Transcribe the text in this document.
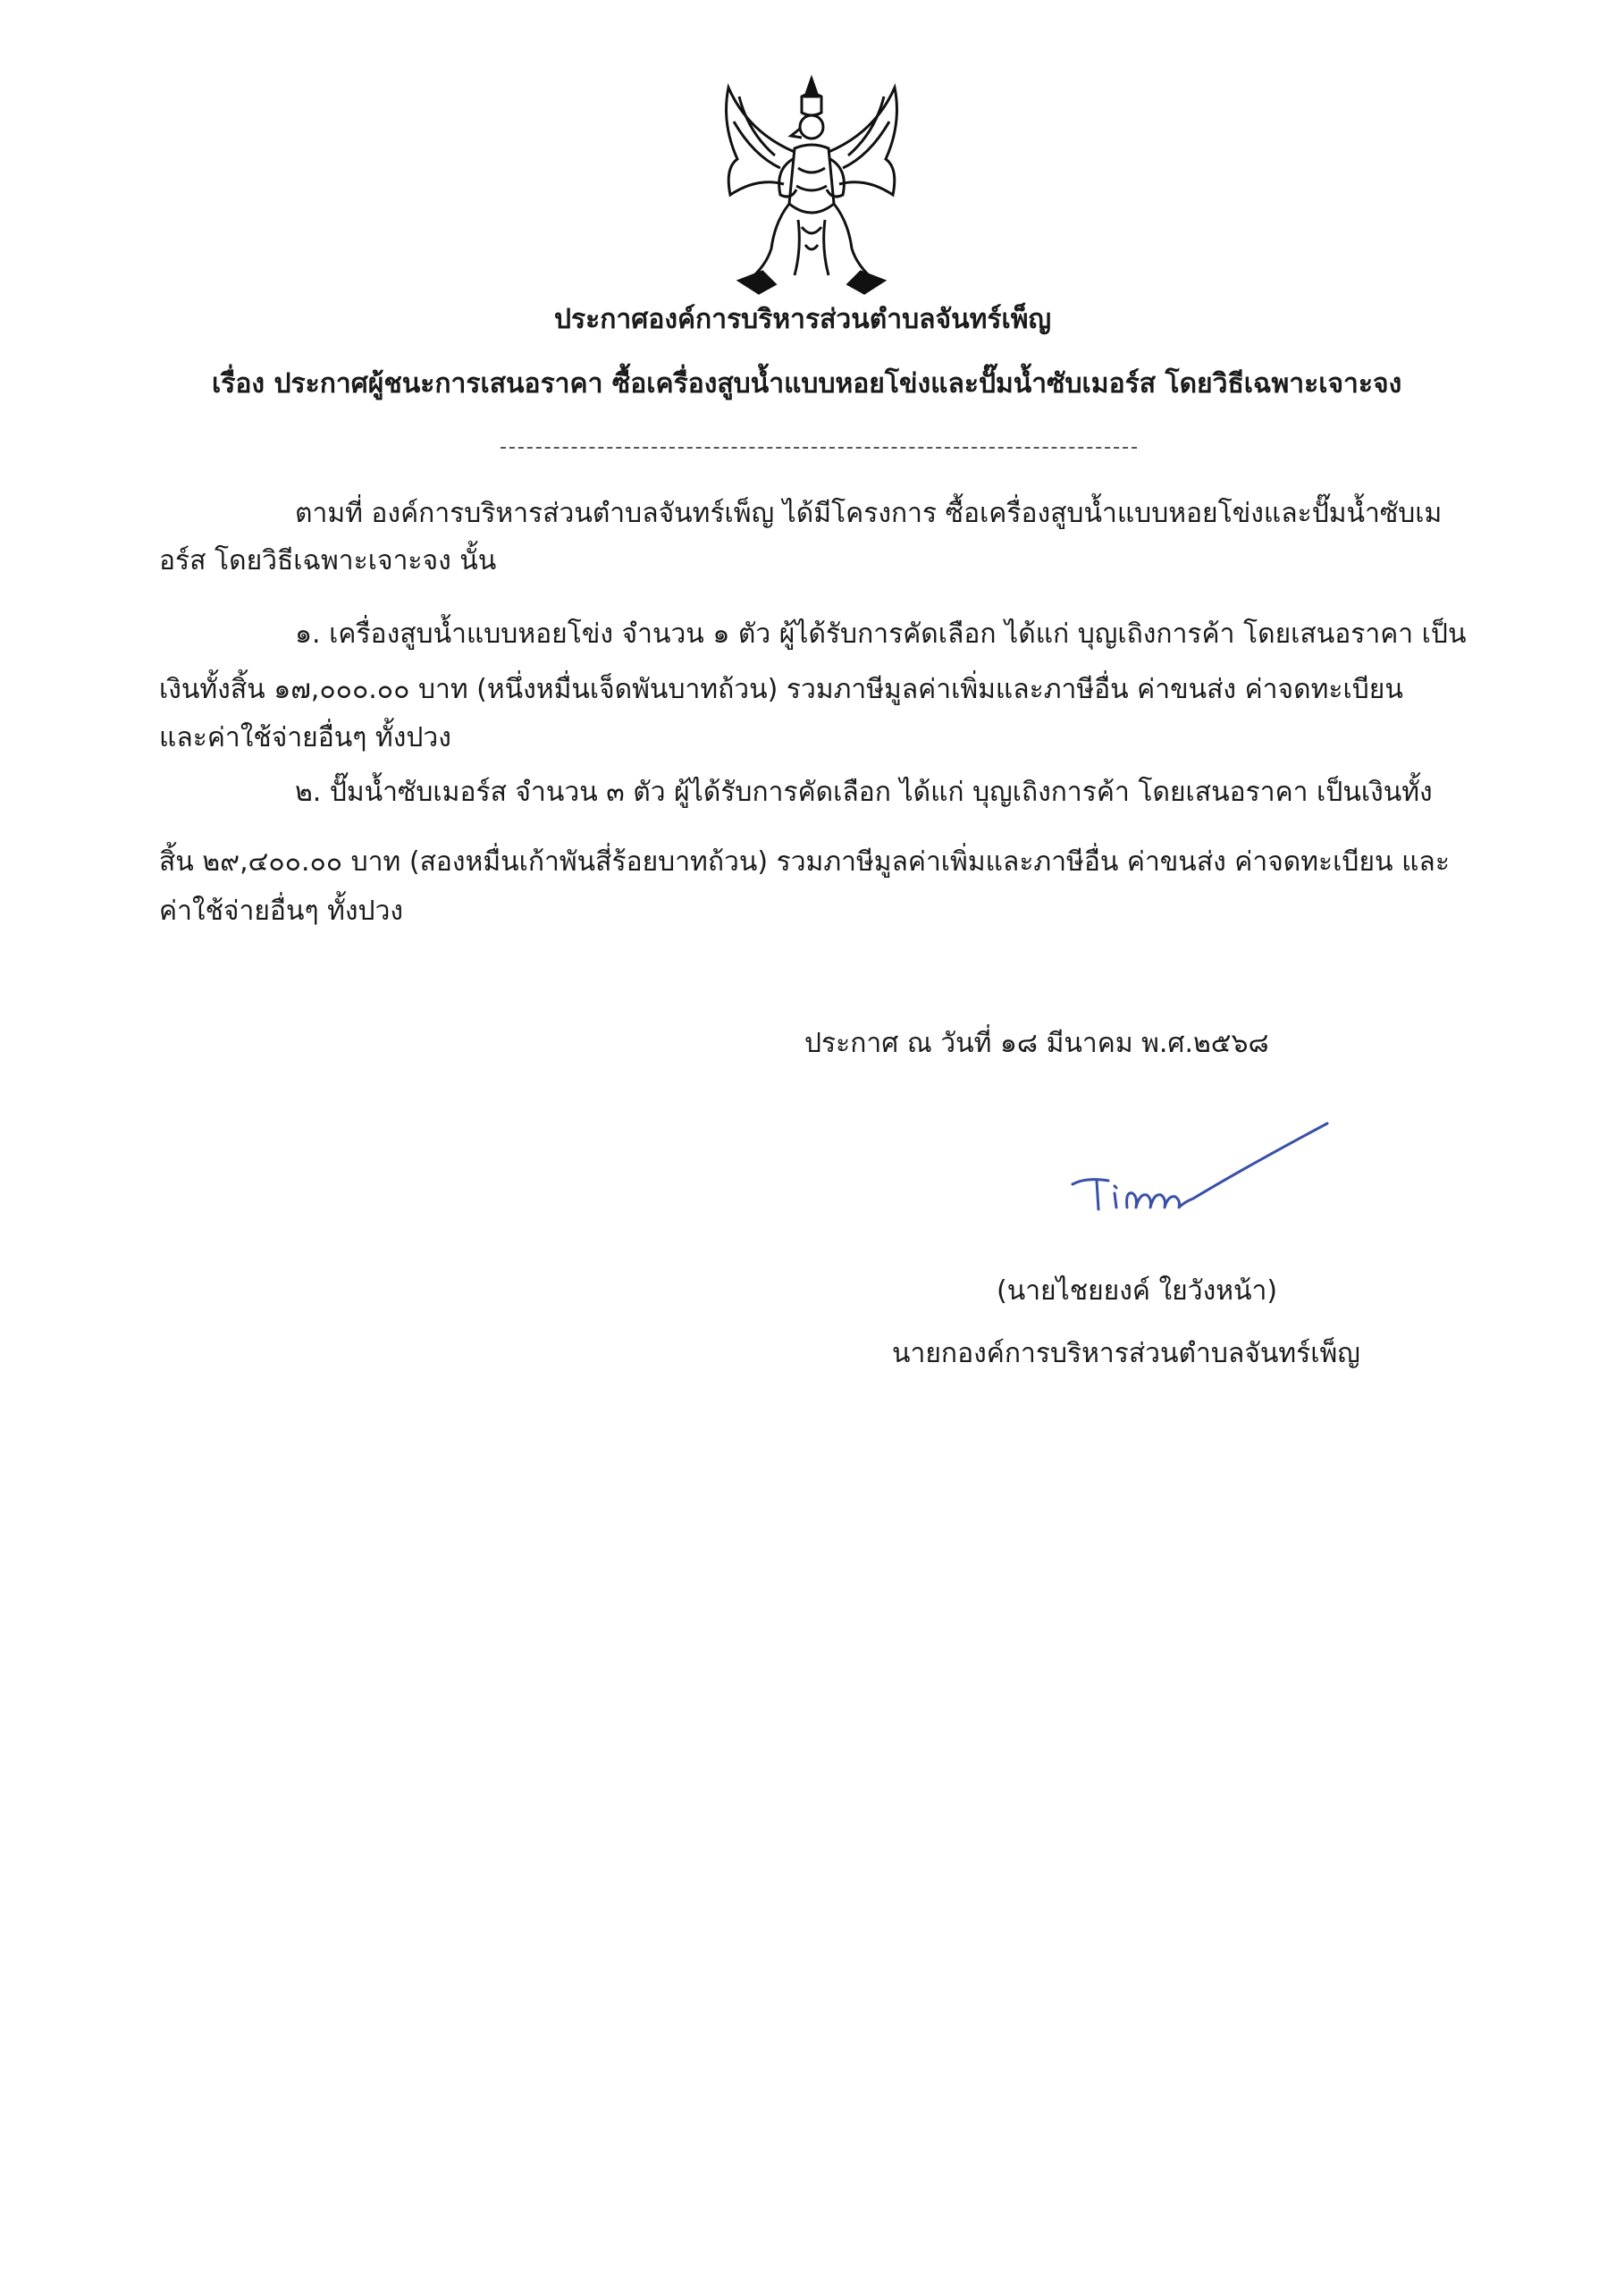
ประกาศองค์การบริหารส่วนตำบลจันทร์เพ็ญ
เรื่อง ประกาศผู้ชนะการเสนอราคา ซื้อเครื่องสูบน้ำแบบหอยโข่งและปั๊มน้ำซับเมอร์ส โดยวิธีเฉพาะเจาะจง
ตามที่ องค์การบริหารส่วนตำบลจันทร์เพ็ญ ได้มีโครงการ ซื้อเครื่องสูบน้ำแบบหอยโข่งและปั๊มน้ำซับเม
อร์ส โดยวิธีเฉพาะเจาะจง นั้น
๑. เครื่องสูบน้ำแบบหอยโข่ง จำนวน ๑ ตัว ผู้ได้รับการคัดเลือก ได้แก่ บุญเถิงการค้า โดยเสนอราคา เป็น
เงินทั้งสิ้น ๑๗,๐๐๐.๐๐ บาท (หนึ่งหมื่นเจ็ดพันบาทถ้วน) รวมภาษีมูลค่าเพิ่มและภาษีอื่น ค่าขนส่ง ค่าจดทะเบียน
และค่าใช้จ่ายอื่นๆ ทั้งปวง
๒. ปั๊มน้ำซับเมอร์ส จำนวน ๓ ตัว ผู้ได้รับการคัดเลือก ได้แก่ บุญเถิงการค้า โดยเสนอราคา เป็นเงินทั้ง
สิ้น ๒๙,๔๐๐.๐๐ บาท (สองหมื่นเก้าพันสี่ร้อยบาทถ้วน) รวมภาษีมูลค่าเพิ่มและภาษีอื่น ค่าขนส่ง ค่าจดทะเบียน และ
ค่าใช้จ่ายอื่นๆ ทั้งปวง
ประกาศ ณ วันที่ ๑๘ มีนาคม พ.ศ.๒๕๖๘
(นายไชยยงค์ ใยวังหน้า)
นายกองค์การบริหารส่วนตำบลจันทร์เพ็ญ
